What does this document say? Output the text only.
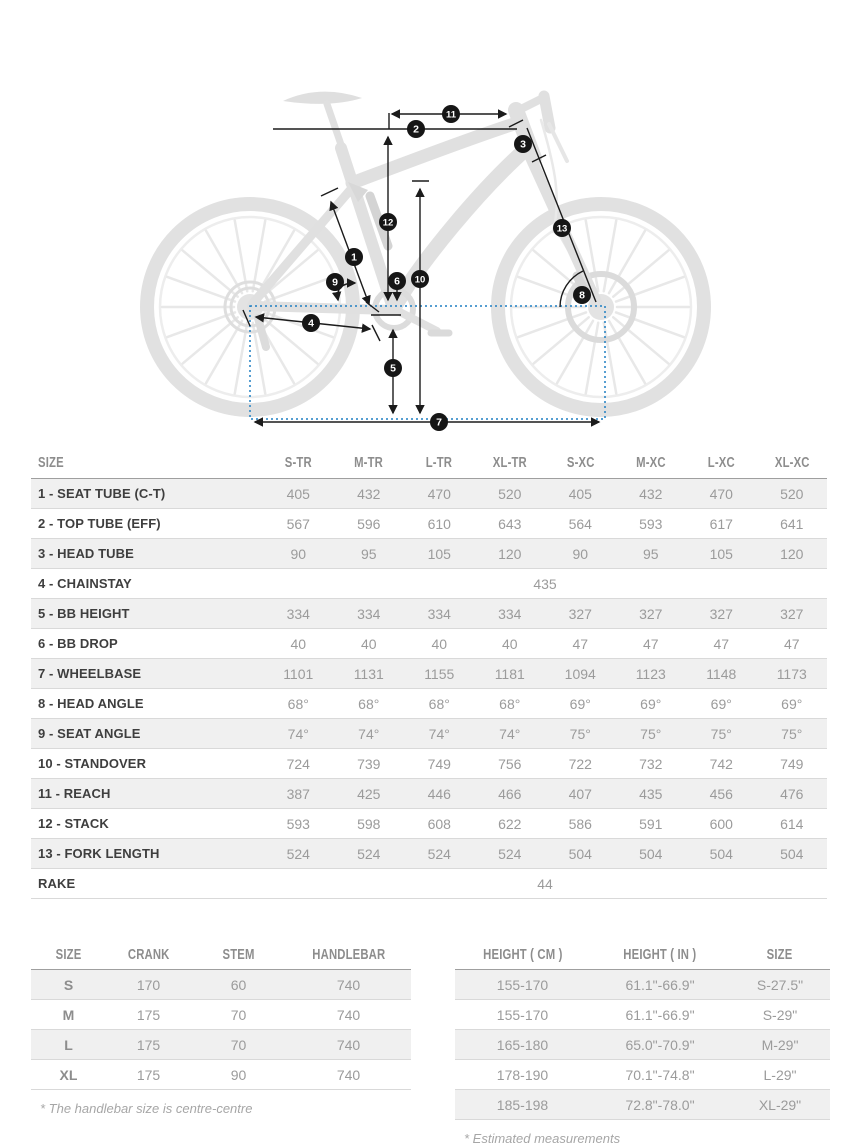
1
2
3
4
5
6
7
8
9	10
11
12
13
SIZE	S-TR	M-TR	L-TR	XL-TR	S-XC	M-XC	L-XC	XL-XC
1 - SEAT TUBE (C-T)	405	432	470	520	405	432	470	520
2 - TOP TUBE (EFF)	567	596	610	643	564	593	617	641
3 - HEAD TUBE	90	95	105	120	90	95	105	120
4 - CHAINSTAY	435
5 - BB HEIGHT	334	334	334	334	327	327	327	327
6 - BB DROP	40	40	40	40	47	47	47	47
7 - WHEELBASE	1101	1131	1155	1181	1094	1123	1148	1173
8 - HEAD ANGLE	68°	68°	68°	68°	69°	69°	69°	69°
9 - SEAT ANGLE	74°	74°	74°	74°	75°	75°	75°	75°
10 - STANDOVER	724	739	749	756	722	732	742	749
11 - REACH	387	425	446	466	407	435	456	476
12 - STACK	593	598	608	622	586	591	600	614
13 - FORK LENGTH	524	524	524	524	504	504	504	504
RAKE	44
SIZE	CRANK	STEM	HANDLEBAR
S	170	60	740
M	175	70	740
L	175	70	740
XL	175	90	740
* The handlebar size is centre-centre
HEIGHT ( CM )	HEIGHT ( IN )	SIZE
155-170	61.1"-66.9"	S-27.5"
155-170	61.1"-66.9"	S-29"
165-180	65.0"-70.9"	M-29"
178-190	70.1"-74.8"	L-29"
185-198	72.8"-78.0"	XL-29"
* Estimated measurements
